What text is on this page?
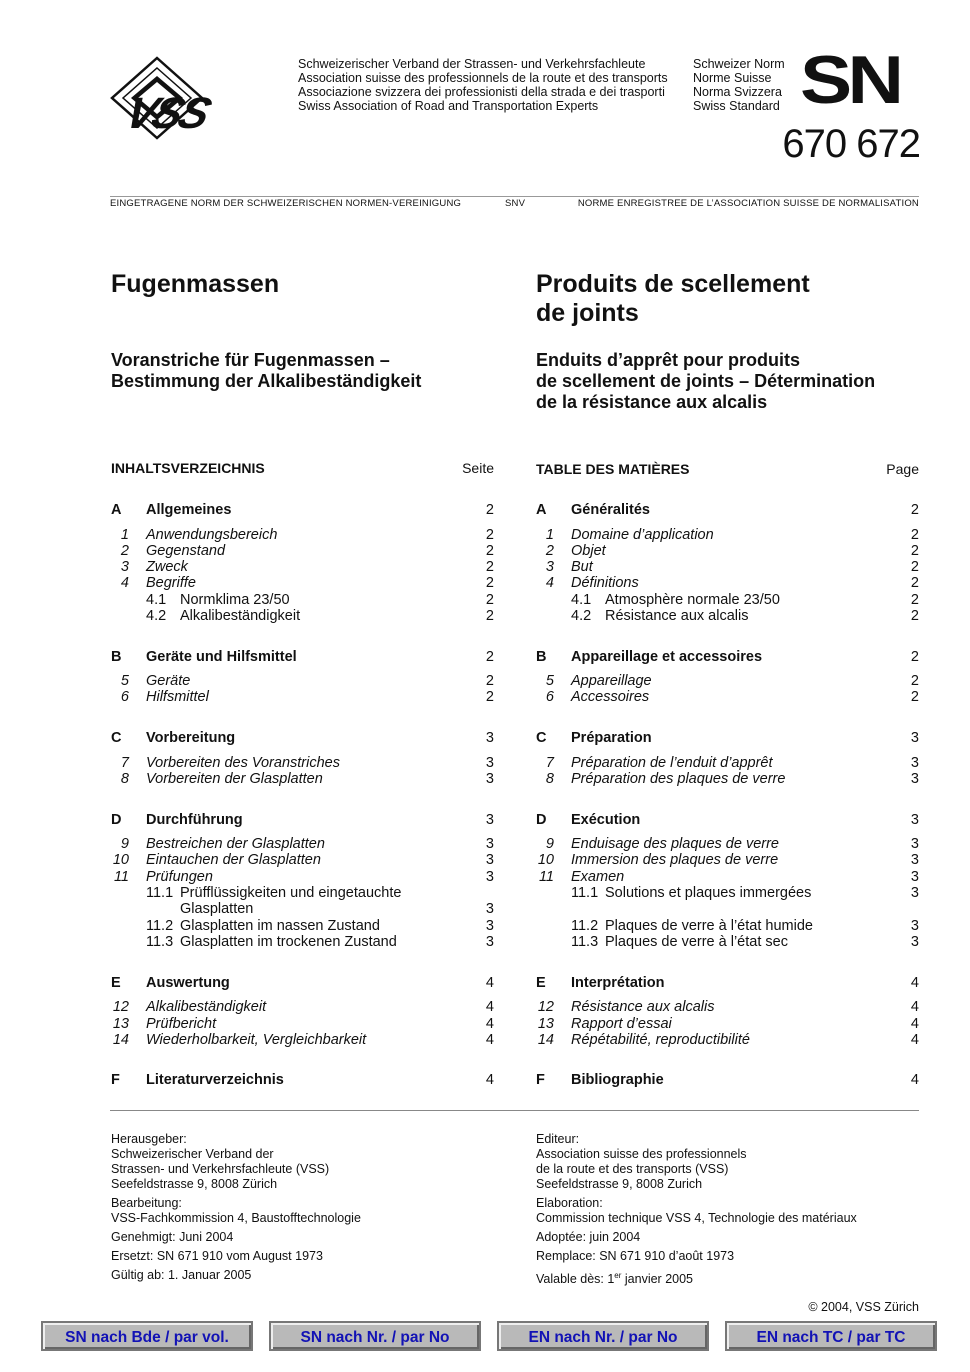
VSS
Schweizerischer Verband der Strassen- und Verkehrsfachleute
Association suisse des professionnels de la route et des transports
Associazione svizzera dei professionisti della strada e dei trasporti
Swiss Association of Road and Transportation Experts
Schweizer Norm
Norme Suisse
Norma Svizzera
Swiss Standard SN
670 672
EINGETRAGENE NORM DER SCHWEIZERISCHEN NORMEN-VEREINIGUNG	SNV	NORME ENREGISTREE DE L’ASSOCIATION SUISSE DE NORMALISATION
Fugenmassen
Voranstriche für Fugenmassen –
Bestimmung der Alkalibeständigkeit
INHALTSVERZEICHNIS	Seite
A Allgemeines	2
1 Anwendungsbereich	2
2 Gegenstand	2
3 Zweck	2
4 Begriffe	2
4.1 Normklima 23/50	2
4.2 Alkalibeständigkeit	2
B Geräte und Hilfsmittel	2
5 Geräte	2
6 Hilfsmittel	2
C Vorbereitung	3
7 Vorbereiten des Voranstriches	3
8 Vorbereiten der Glasplatten	3
D Durchführung	3
9 Bestreichen der Glasplatten	3
10 Eintauchen der Glasplatten	3
11 Prüfungen	3
11.1 Prüfflüssigkeiten und eingetauchte
Glasplatten	3
11.2 Glasplatten im nassen Zustand	3
11.3 Glasplatten im trockenen Zustand	3
E Auswertung	4
12 Alkalibeständigkeit	4
13 Prüfbericht	4
14 Wiederholbarkeit, Vergleichbarkeit	4
F Literaturverzeichnis	4
Produits de scellement
de joints
Enduits d’apprêt pour produits
de scellement de joints – Détermination
de la résistance aux alcalis
TABLE DES MATIÈRES	Page
A Généralités	2
1 Domaine d’application	2
2 Objet	2
3 But	2
4 Définitions	2
4.1 Atmosphère normale 23/50	2
4.2 Résistance aux alcalis	2
B Appareillage et accessoires	2
5 Appareillage	2
6 Accessoires	2
C Préparation	3
7 Préparation de l’enduit d’apprêt	3
8 Préparation des plaques de verre	3
D Exécution	3
9 Enduisage des plaques de verre	3
10 Immersion des plaques de verre	3
11 Examen	3
11.1 Solutions et plaques immergées	3
11.2 Plaques de verre à l’état humide	3
11.3 Plaques de verre à l’état sec	3
E Interprétation	4
12 Résistance aux alcalis	4
13 Rapport d’essai	4
14 Répétabilité, reproductibilité	4
F Bibliographie	4
Herausgeber:
Schweizerischer Verband der
Strassen- und Verkehrsfachleute (VSS)
Seefeldstrasse 9, 8008 Zürich
Bearbeitung:
VSS-Fachkommission 4, Baustofftechnologie
Genehmigt: Juni 2004
Ersetzt: SN 671 910 vom August 1973
Gültig ab: 1. Januar 2005
Editeur:
Association suisse des professionnels
de la route et des transports (VSS)
Seefeldstrasse 9, 8008 Zurich
Elaboration:
Commission technique VSS 4, Technologie des matériaux
Adoptée: juin 2004
Remplace: SN 671 910 d’août 1973
Valable dès: 1er janvier 2005
© 2004, VSS Zürich
SN nach Bde / par vol.	SN nach Nr. / par No	EN nach Nr. / par No	EN nach TC / par TC
